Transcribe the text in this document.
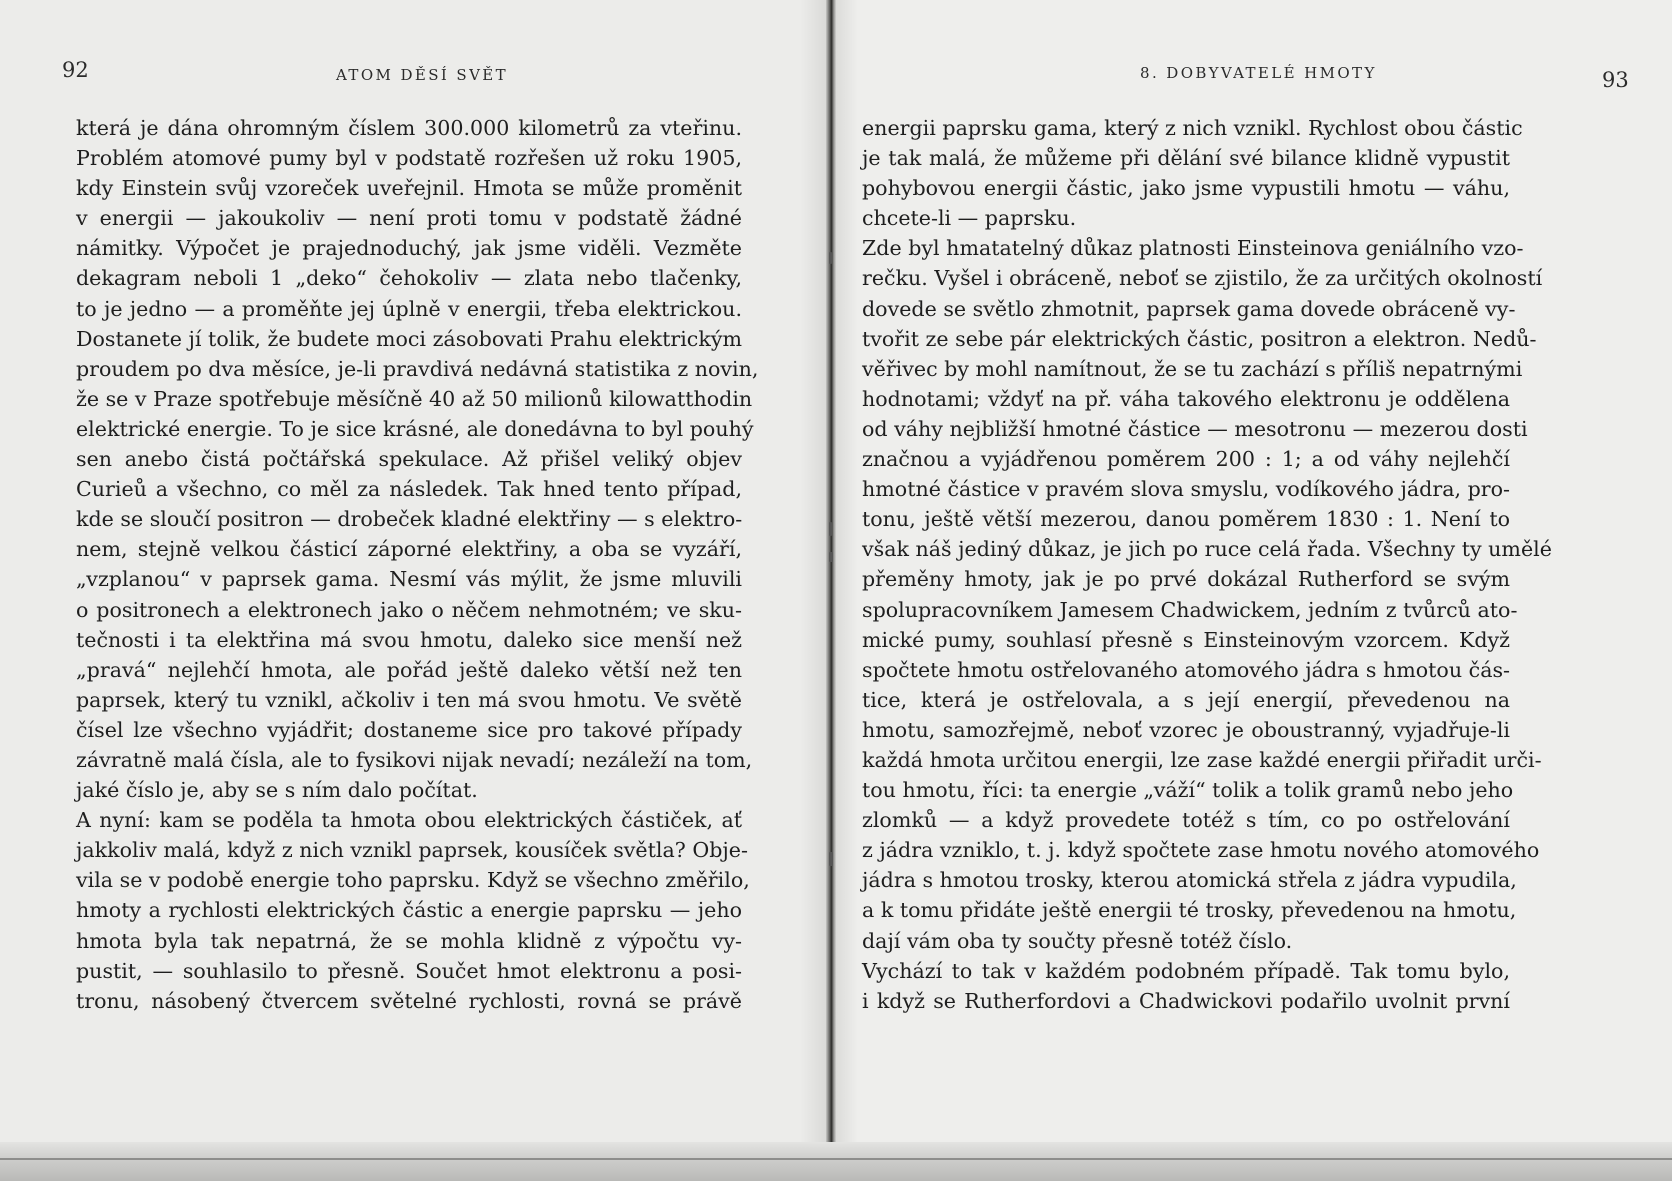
92	ATOM DĚSÍ SVĚT
která je dána ohromným číslem 300.000 kilometrů za vteřinu.
Problém atomové pumy byl v podstatě rozřešen už roku 1905,
kdy Einstein svůj vzoreček uveřejnil. Hmota se může proměnit
v energii — jakoukoliv — není proti tomu v podstatě žádné
námitky. Výpočet je prajednoduchý, jak jsme viděli. Vezměte
dekagram neboli 1 „deko“ čehokoliv — zlata nebo tlačenky,
to je jedno — a proměňte jej úplně v energii, třeba elektrickou.
Dostanete jí tolik, že budete moci zásobovati Prahu elektrickým
proudem po dva měsíce, je-li pravdivá nedávná statistika z novin,
že se v Praze spotřebuje měsíčně 40 až 50 milionů kilowatthodin
elektrické energie. To je sice krásné, ale donedávna to byl pouhý
sen anebo čistá počtářská spekulace. Až přišel veliký objev
Curieů a všechno, co měl za následek. Tak hned tento případ,
kde se sloučí positron — drobeček kladné elektřiny — s elektro-
nem, stejně velkou částicí záporné elektřiny, a oba se vyzáří,
„vzplanou“ v paprsek gama. Nesmí vás mýlit, že jsme mluvili
o positronech a elektronech jako o něčem nehmotném; ve sku-
tečnosti i ta elektřina má svou hmotu, daleko sice menší než
„pravá“ nejlehčí hmota, ale pořád ještě daleko větší než ten
paprsek, který tu vznikl, ačkoliv i ten má svou hmotu. Ve světě
čísel lze všechno vyjádřit; dostaneme sice pro takové případy
závratně malá čísla, ale to fysikovi nijak nevadí; nezáleží na tom,
jaké číslo je, aby se s ním dalo počítat.
A nyní: kam se poděla ta hmota obou elektrických částiček, ať
jakkoliv malá, když z nich vznikl paprsek, kousíček světla? Obje-
vila se v podobě energie toho paprsku. Když se všechno změřilo,
hmoty a rychlosti elektrických částic a energie paprsku — jeho
hmota byla tak nepatrná, že se mohla klidně z výpočtu vy-
pustit, — souhlasilo to přesně. Součet hmot elektronu a posi-
tronu, násobený čtvercem světelné rychlosti, rovná se právě
8. DOBYVATELÉ HMOTY	93
energii paprsku gama, který z nich vznikl. Rychlost obou částic
je tak malá, že můžeme při dělání své bilance klidně vypustit
pohybovou energii částic, jako jsme vypustili hmotu — váhu,
chcete-li — paprsku.
Zde byl hmatatelný důkaz platnosti Einsteinova geniálního vzo-
rečku. Vyšel i obráceně, neboť se zjistilo, že za určitých okolností
dovede se světlo zhmotnit, paprsek gama dovede obráceně vy-
tvořit ze sebe pár elektrických částic, positron a elektron. Nedů-
věřivec by mohl namítnout, že se tu zachází s příliš nepatrnými
hodnotami; vždyť na př. váha takového elektronu je oddělena
od váhy nejbližší hmotné částice — mesotronu — mezerou dosti
značnou a vyjádřenou poměrem 200 : 1; a od váhy nejlehčí
hmotné částice v pravém slova smyslu, vodíkového jádra, pro-
tonu, ještě větší mezerou, danou poměrem 1830 : 1. Není to
však náš jediný důkaz, je jich po ruce celá řada. Všechny ty umělé
přeměny hmoty, jak je po prvé dokázal Rutherford se svým
spolupracovníkem Jamesem Chadwickem, jedním z tvůrců ato-
mické pumy, souhlasí přesně s Einsteinovým vzorcem. Když
spočtete hmotu ostřelovaného atomového jádra s hmotou čás-
tice, která je ostřelovala, a s její energií, převedenou na
hmotu, samozřejmě, neboť vzorec je oboustranný, vyjadřuje-li
každá hmota určitou energii, lze zase každé energii přiřadit urči-
tou hmotu, říci: ta energie „váží“ tolik a tolik gramů nebo jeho
zlomků — a když provedete totéž s tím, co po ostřelování
z jádra vzniklo, t. j. když spočtete zase hmotu nového atomového
jádra s hmotou trosky, kterou atomická střela z jádra vypudila,
a k tomu přidáte ještě energii té trosky, převedenou na hmotu,
dají vám oba ty součty přesně totéž číslo.
Vychází to tak v každém podobném případě. Tak tomu bylo,
i když se Rutherfordovi a Chadwickovi podařilo uvolnit první
